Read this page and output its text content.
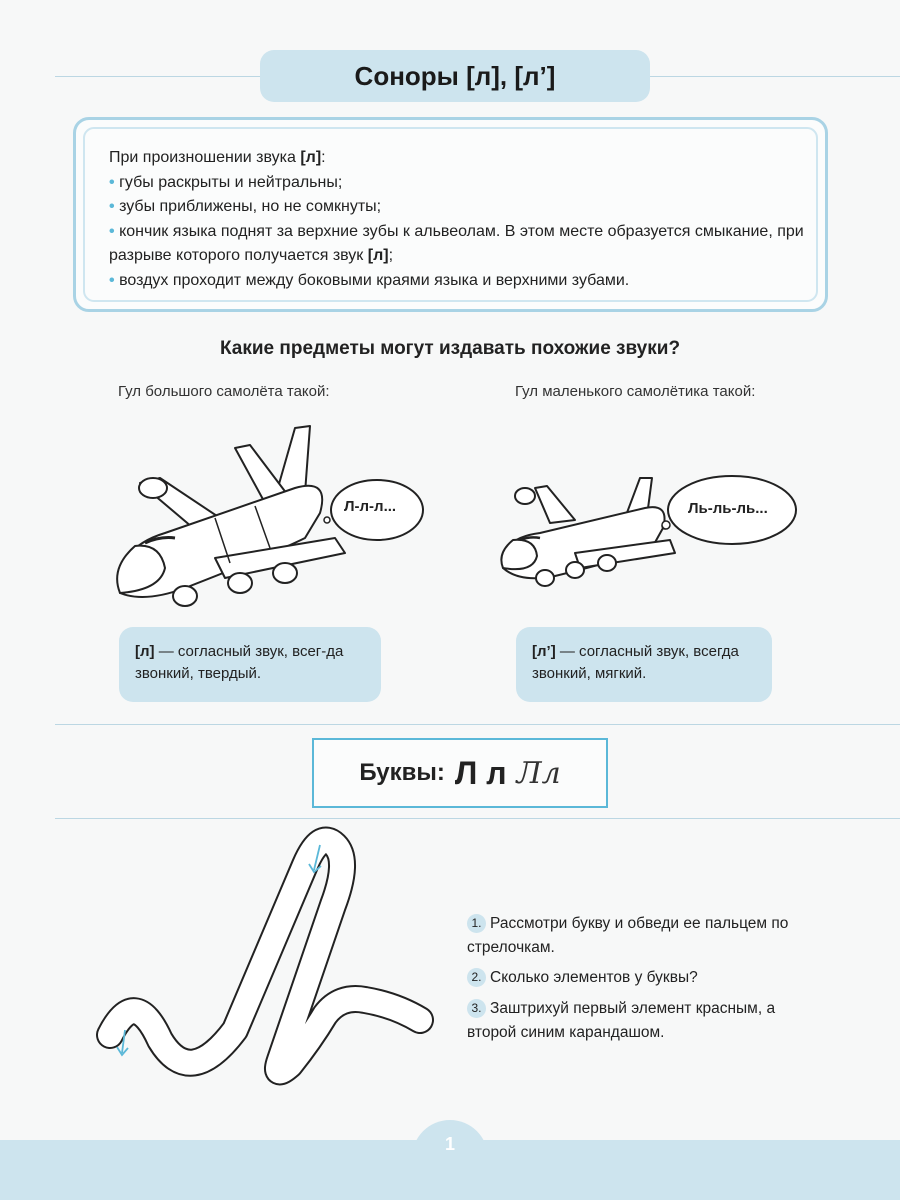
Соноры [л], [л’]

При произношении звука [л]:

• губы раскрыты и нейтральны;

• зубы приближены, но не сомкнуты;

• кончик языка поднят за верхние зубы к альвеолам. В этом месте образуется смыкание, при разрыве которого получается звук [л];

• воздух проходит между боковыми краями языка и верхними зубами.

Какие предметы могут издавать похожие звуки?
Гул большого самолёта такой:	Гул маленького самолётика такой:
Л-л-л...	Ль-ль-ль...
[л] — согласный звук, всег-да звонкий, твердый.
[л’] — согласный звук, всегда звонкий, мягкий.
Буквы: Л л Лл
1. Рассмотри букву и обведи ее пальцем по стрелочкам.
2. Сколько элементов у буквы?
3. Заштрихуй первый элемент красным, а второй синим карандашом.
1
